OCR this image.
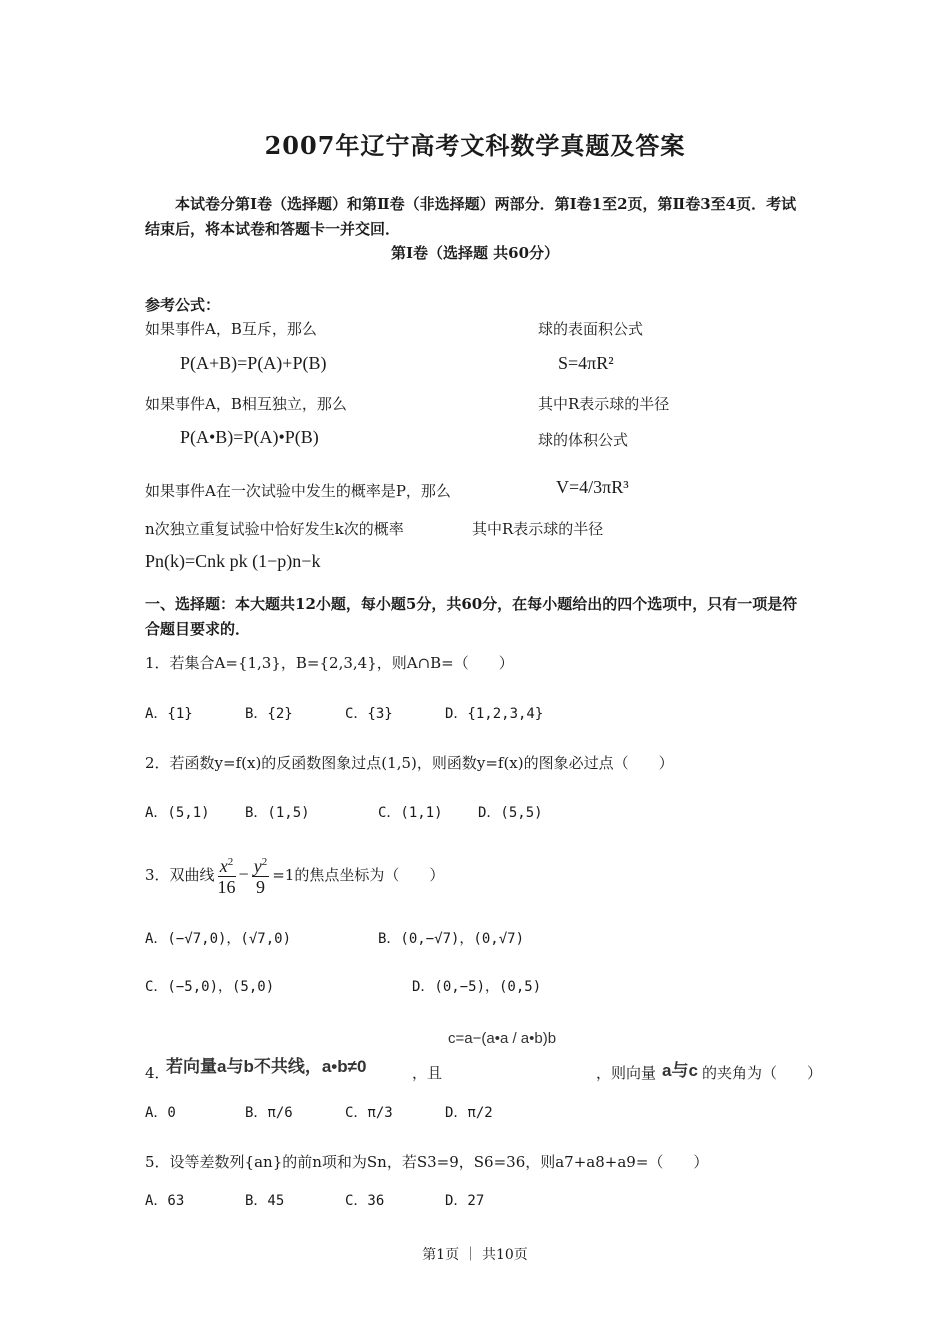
2007年辽宁高考文科数学真题及答案
本试卷分第Ⅰ卷（选择题）和第Ⅱ卷（非选择题）两部分．第Ⅰ卷1至2页，第Ⅱ卷3至4页．考试结束后，将本试卷和答题卡一并交回．
第Ⅰ卷（选择题 共60分）
参考公式：
如果事件A，B互斥，那么
P(A+B)=P(A)+P(B)
如果事件A，B相互独立，那么
P(A•B)=P(A)•P(B)
如果事件A在一次试验中发生的概率是P，那么
n次独立重复试验中恰好发生k次的概率
Pn(k)=Cnk pk (1−p)n−k
球的表面积公式
S=4πR²
其中R表示球的半径
球的体积公式
V=4/3πR³
其中R表示球的半径
一、选择题：本大题共12小题，每小题5分，共60分，在每小题给出的四个选项中，只有一项是符合题目要求的．
1．若集合A={1,3}，B={2,3,4}，则A∩B=（　　）
A．{1}	B．{2}	C．{3}	D．{1,2,3,4}
2．若函数y=f(x)的反函数图象过点(1,5)，则函数y=f(x)的图象必过点（　　）
A．(5,1)	B．(1,5)	C．(1,1)	D．(5,5)
3．双曲线 $\frac{x^2}{16} - \frac{y^2}{9} =1$的焦点坐标为（　　）
A．(−√7,0)，(√7,0)	B．(0,−√7)，(0,√7)
C．(−5,0)，(5,0)	D．(0,−5)，(0,5)
4．
若向量a与b不共线，a•b≠0	，且
c=a−(a•a / a•b)b
，则向量 a与c 的夹角为（　　）
A．0	B．π/6	C．π/3	D．π/2
5．设等差数列{an}的前n项和为Sn，若S3=9，S6=36，则a7+a8+a9=（　　）
A．63	B．45	C．36	D．27
第1页 ｜ 共10页
